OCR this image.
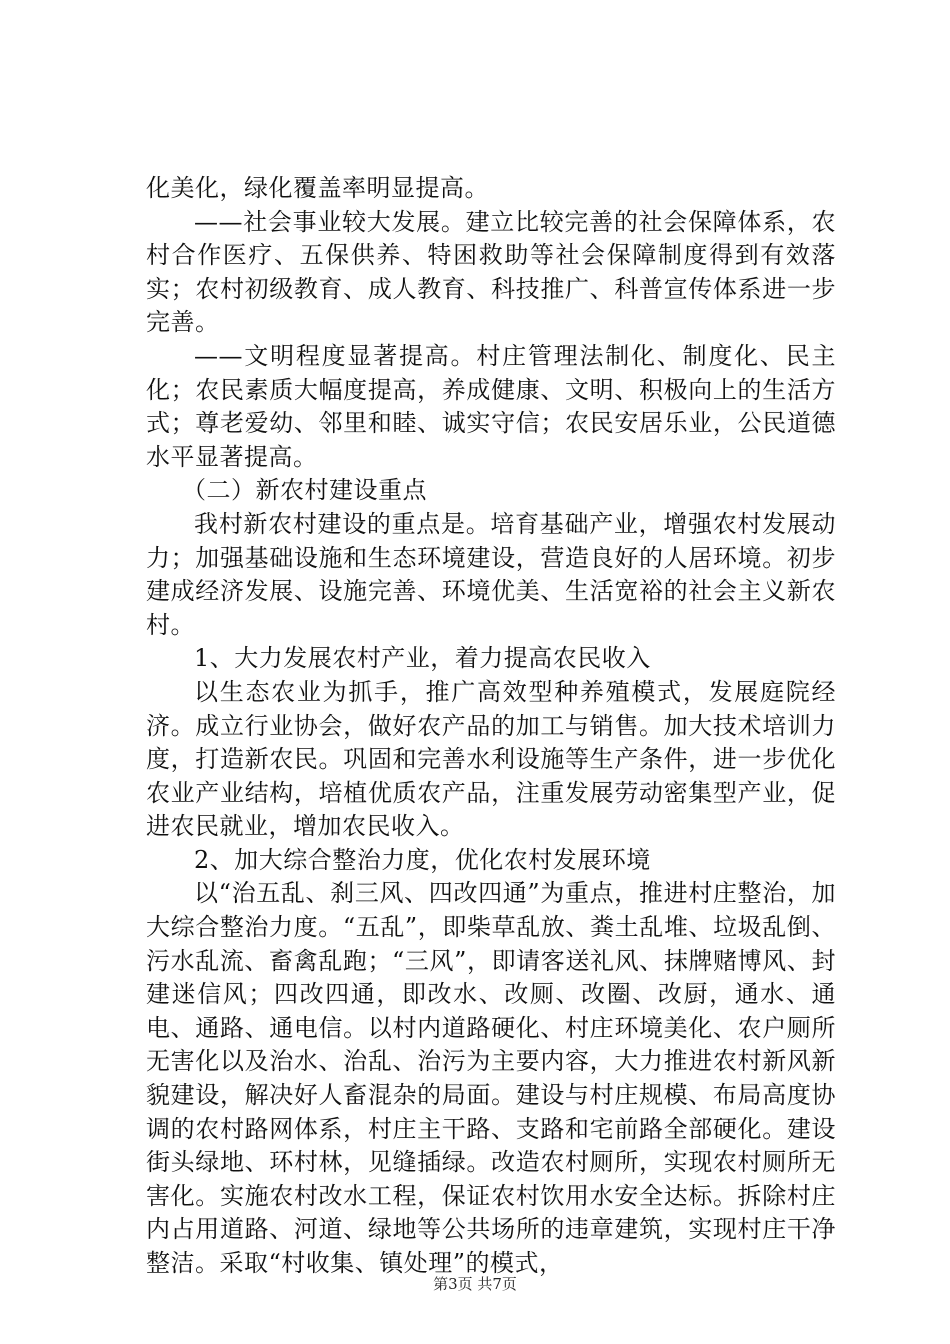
化美化，绿化覆盖率明显提高。

——社会事业较大发展。建立比较完善的社会保障体系，农村合作医疗、五保供养、特困救助等社会保障制度得到有效落实；农村初级教育、成人教育、科技推广、科普宣传体系进一步完善。

——文明程度显著提高。村庄管理法制化、制度化、民主化；农民素质大幅度提高，养成健康、文明、积极向上的生活方式；尊老爱幼、邻里和睦、诚实守信；农民安居乐业，公民道德水平显著提高。

（二）新农村建设重点

我村新农村建设的重点是。培育基础产业，增强农村发展动力；加强基础设施和生态环境建设，营造良好的人居环境。初步建成经济发展、设施完善、环境优美、生活宽裕的社会主义新农村。

1、大力发展农村产业，着力提高农民收入

以生态农业为抓手，推广高效型种养殖模式，发展庭院经济。成立行业协会，做好农产品的加工与销售。加大技术培训力度，打造新农民。巩固和完善水利设施等生产条件，进一步优化农业产业结构，培植优质农产品，注重发展劳动密集型产业，促进农民就业，增加农民收入。

2、加大综合整治力度，优化农村发展环境

以“治五乱、刹三风、四改四通”为重点，推进村庄整治，加大综合整治力度。“五乱”，即柴草乱放、粪土乱堆、垃圾乱倒、污水乱流、畜禽乱跑；“三风”，即请客送礼风、抹牌赌博风、封建迷信风；四改四通，即改水、改厕、改圈、改厨，通水、通电、通路、通电信。以村内道路硬化、村庄环境美化、农户厕所无害化以及治水、治乱、治污为主要内容，大力推进农村新风新貌建设，解决好人畜混杂的局面。建设与村庄规模、布局高度协调的农村路网体系，村庄主干路、支路和宅前路全部硬化。建设街头绿地、环村林，见缝插绿。改造农村厕所，实现农村厕所无害化。实施农村改水工程，保证农村饮用水安全达标。拆除村庄内占用道路、河道、绿地等公共场所的违章建筑，实现村庄干净整洁。采取“村收集、镇处理”的模式，

第3页 共7页
